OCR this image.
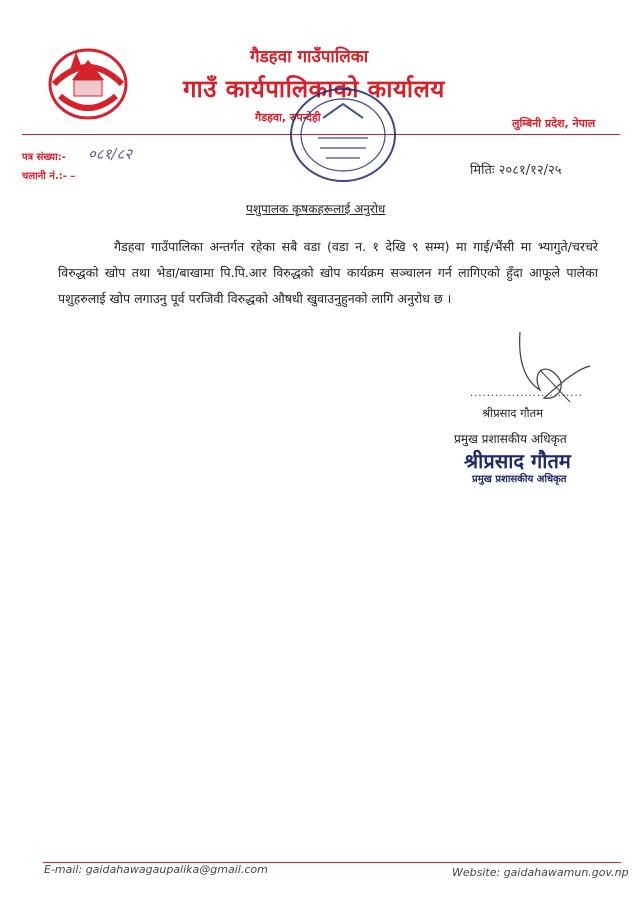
गैडहवा गाउँपालिका
गाउँ कार्यपालिकाको कार्यालय
गैडहवा, रुपन्देही	लुम्बिनी प्रदेश, नेपाल
पत्र संख्या:- ०८१/८२
चलानी नं.:- –	मितिः २०८१/१२/२५
पशुपालक कृषकहरूलाई अनुरोध
गैडहवा गाउँपालिका अन्तर्गत रहेका सबै वडा (वडा न. १ देखि ९ सम्म) मा गाई/भैंसी मा भ्यागुते/चरचरे विरुद्धको खोप तथा भेडा/बाखामा पि.पि.आर विरुद्धको खोप कार्यक्रम सञ्चालन गर्न लागिएको हुँदा आफूले पालेका पशुहरुलाई खोप लगाउनु पूर्व परजिवी विरुद्धको औषधी खुवाउनुहुनको लागि अनुरोध छ ।
...........................
श्रीप्रसाद गौतम
प्रमुख प्रशासकीय अधिकृत
श्रीप्रसाद गौतम
प्रमुख प्रशासकीय अधिकृत
E-mail: gaidahawagaupalika@gmail.com	Website: gaidahawamun.gov.np
